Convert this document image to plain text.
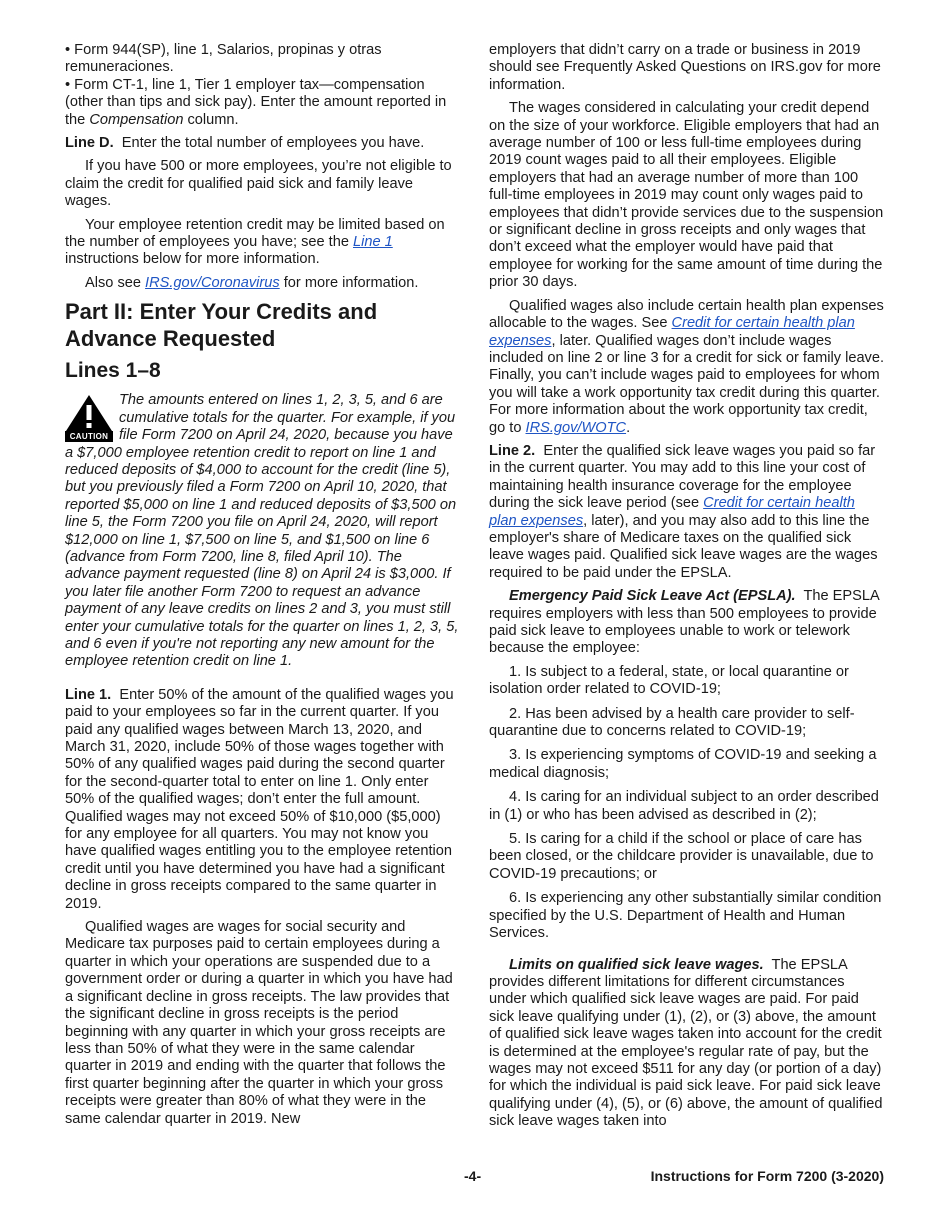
• Form 944(SP), line 1, Salarios, propinas y otras remuneraciones.

• Form CT-1, line 1, Tier 1 employer tax—compensation (other than tips and sick pay). Enter the amount reported in the Compensation column.

Line D. Enter the total number of employees you have.

If you have 500 or more employees, you’re not eligible to claim the credit for qualified paid sick and family leave wages.

Your employee retention credit may be limited based on the number of employees you have; see the Line 1 instructions below for more information.

Also see IRS.gov/Coronavirus for more information.

Part II: Enter Your Credits and Advance Requested
Lines 1–8
CAUTION
The amounts entered on lines 1, 2, 3, 5, and 6 are cumulative totals for the quarter. For example, if you file Form 7200 on April 24, 2020, because you have a $7,000 employee retention credit to report on line 1 and reduced deposits of $4,000 to account for the credit (line 5), but you previously filed a Form 7200 on April 10, 2020, that reported $5,000 on line 1 and reduced deposits of $3,500 on line 5, the Form 7200 you file on April 24, 2020, will report $12,000 on line 1, $7,500 on line 5, and $1,500 on line 6 (advance from Form 7200, line 8, filed April 10). The advance payment requested (line 8) on April 24 is $3,000. If you later file another Form 7200 to request an advance payment of any leave credits on lines 2 and 3, you must still enter your cumulative totals for the quarter on lines 1, 2, 3, 5, and 6 even if you're not reporting any new amount for the employee retention credit on line 1.

Line 1. Enter 50% of the amount of the qualified wages you paid to your employees so far in the current quarter. If you paid any qualified wages between March 13, 2020, and March 31, 2020, include 50% of those wages together with 50% of any qualified wages paid during the second quarter for the second-quarter total to enter on line 1. Only enter 50% of the qualified wages; don’t enter the full amount. Qualified wages may not exceed 50% of $10,000 ($5,000) for any employee for all quarters. You may not know you have qualified wages entitling you to the employee retention credit until you have determined you have had a significant decline in gross receipts compared to the same quarter in 2019.

Qualified wages are wages for social security and Medicare tax purposes paid to certain employees during a quarter in which your operations are suspended due to a government order or during a quarter in which you have had a significant decline in gross receipts. The law provides that the significant decline in gross receipts is the period beginning with any quarter in which your gross receipts are less than 50% of what they were in the same calendar quarter in 2019 and ending with the quarter that follows the first quarter beginning after the quarter in which your gross receipts were greater than 80% of what they were in the same calendar quarter in 2019. New

employers that didn’t carry on a trade or business in 2019 should see Frequently Asked Questions on IRS.gov for more information.

The wages considered in calculating your credit depend on the size of your workforce. Eligible employers that had an average number of 100 or less full-time employees during 2019 count wages paid to all their employees. Eligible employers that had an average number of more than 100 full-time employees in 2019 may count only wages paid to employees that didn’t provide services due to the suspension or significant decline in gross receipts and only wages that don’t exceed what the employer would have paid that employee for working for the same amount of time during the prior 30 days.

Qualified wages also include certain health plan expenses allocable to the wages. See Credit for certain health plan expenses, later. Qualified wages don’t include wages included on line 2 or line 3 for a credit for sick or family leave. Finally, you can’t include wages paid to employees for whom you will take a work opportunity tax credit during this quarter. For more information about the work opportunity tax credit, go to IRS.gov/WOTC.

Line 2. Enter the qualified sick leave wages you paid so far in the current quarter. You may add to this line your cost of maintaining health insurance coverage for the employee during the sick leave period (see Credit for certain health plan expenses, later), and you may also add to this line the employer's share of Medicare taxes on the qualified sick leave wages paid. Qualified sick leave wages are the wages required to be paid under the EPSLA.

Emergency Paid Sick Leave Act (EPSLA). The EPSLA requires employers with less than 500 employees to provide paid sick leave to employees unable to work or telework because the employee:

1. Is subject to a federal, state, or local quarantine or isolation order related to COVID-19;

2. Has been advised by a health care provider to self-quarantine due to concerns related to COVID-19;

3. Is experiencing symptoms of COVID-19 and seeking a medical diagnosis;

4. Is caring for an individual subject to an order described in (1) or who has been advised as described in (2);

5. Is caring for a child if the school or place of care has been closed, or the childcare provider is unavailable, due to COVID-19 precautions; or

6. Is experiencing any other substantially similar condition specified by the U.S. Department of Health and Human Services.

Limits on qualified sick leave wages. The EPSLA provides different limitations for different circumstances under which qualified sick leave wages are paid. For paid sick leave qualifying under (1), (2), or (3) above, the amount of qualified sick leave wages taken into account for the credit is determined at the employee's regular rate of pay, but the wages may not exceed $511 for any day (or portion of a day) for which the individual is paid sick leave. For paid sick leave qualifying under (4), (5), or (6) above, the amount of qualified sick leave wages taken into

-4-	Instructions for Form 7200 (3-2020)
